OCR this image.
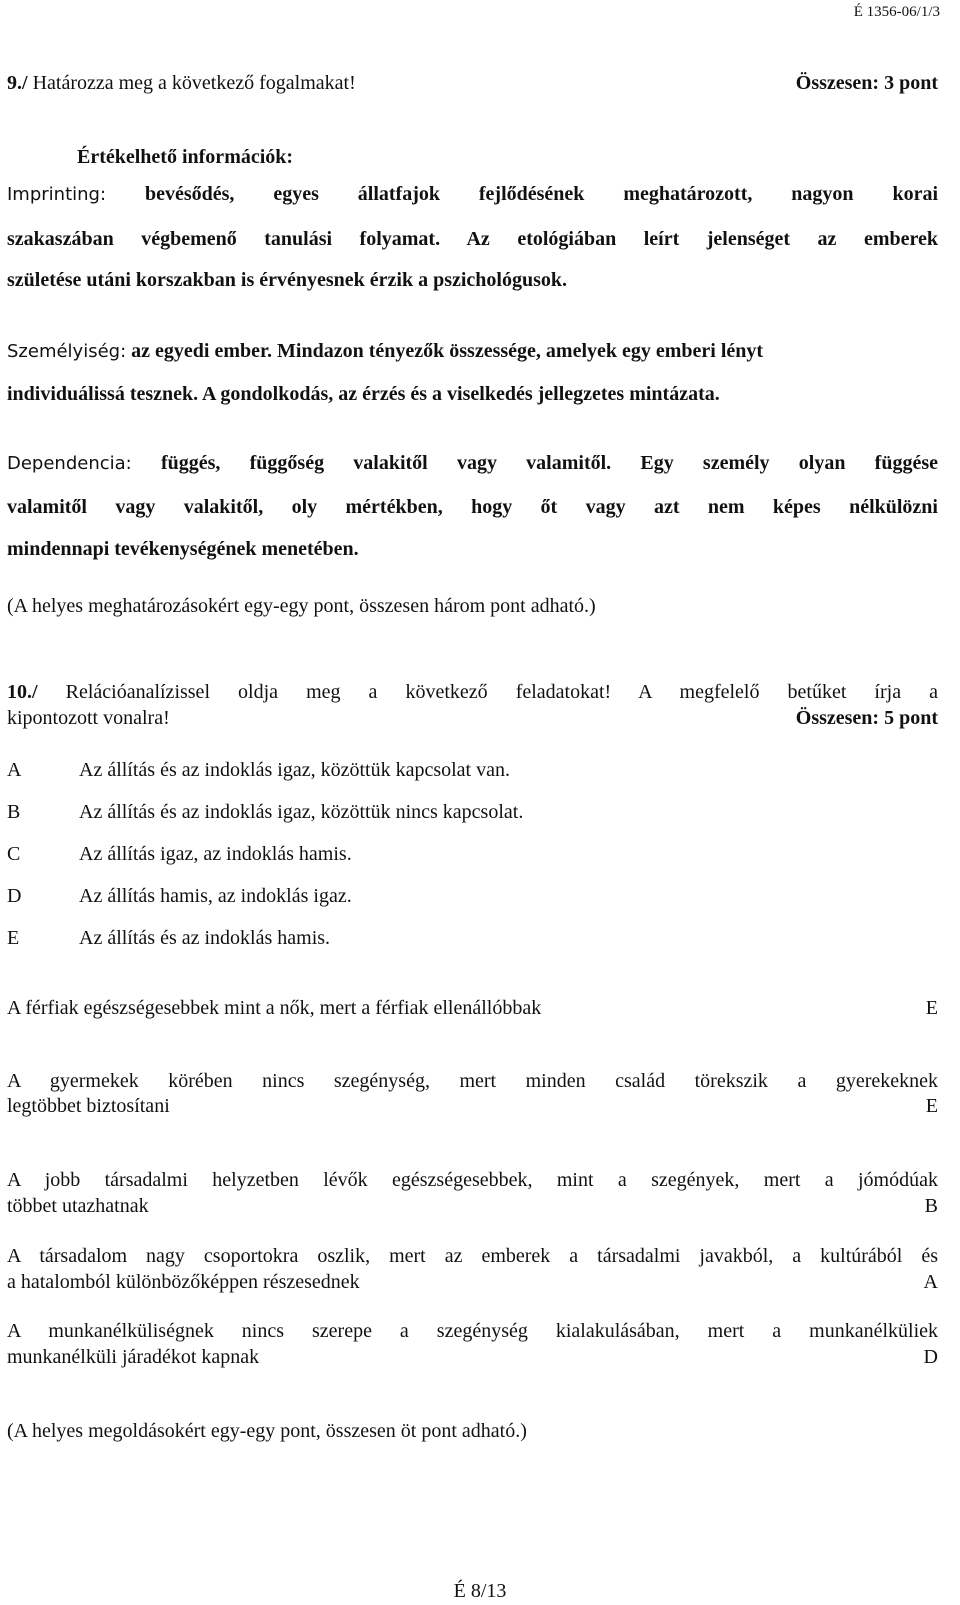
É 1356-06/1/3
9./ Határozza meg a következő fogalmakat!	Összesen: 3 pont
Értékelhető információk:
Imprinting: bevésődés, egyes állatfajok fejlődésének meghatározott, nagyon korai
szakaszában végbemenő tanulási folyamat. Az etológiában leírt jelenséget az emberek
születése utáni korszakban is érvényesnek érzik a pszichológusok.
Személyiség: az egyedi ember. Mindazon tényezők összessége, amelyek egy emberi lényt
individuálissá tesznek. A gondolkodás, az érzés és a viselkedés jellegzetes mintázata.
Dependencia: függés, függőség valakitől vagy valamitől. Egy személy olyan függése
valamitől vagy valakitől, oly mértékben, hogy őt vagy azt nem képes nélkülözni
mindennapi tevékenységének menetében.
(A helyes meghatározásokért egy-egy pont, összesen három pont adható.)
10./ Relációanalízissel oldja meg a következő feladatokat! A megfelelő betűket írja a
kipontozott vonalra!	Összesen: 5 pont
A	Az állítás és az indoklás igaz, közöttük kapcsolat van.
B	Az állítás és az indoklás igaz, közöttük nincs kapcsolat.
C	Az állítás igaz, az indoklás hamis.
D	Az állítás hamis, az indoklás igaz.
E	Az állítás és az indoklás hamis.
A férfiak egészségesebbek mint a nők, mert a férfiak ellenállóbbak	E
A gyermekek körében nincs szegénység, mert minden család törekszik a gyerekeknek
legtöbbet biztosítani	E
A jobb társadalmi helyzetben lévők egészségesebbek, mint a szegények, mert a jómódúak
többet utazhatnak	B
A társadalom nagy csoportokra oszlik, mert az emberek a társadalmi javakból, a kultúrából és
a hatalomból különbözőképpen részesednek	A
A munkanélküliségnek nincs szerepe a szegénység kialakulásában, mert a munkanélküliek
munkanélküli járadékot kapnak	D
(A helyes megoldásokért egy-egy pont, összesen öt pont adható.)
É 8/13
